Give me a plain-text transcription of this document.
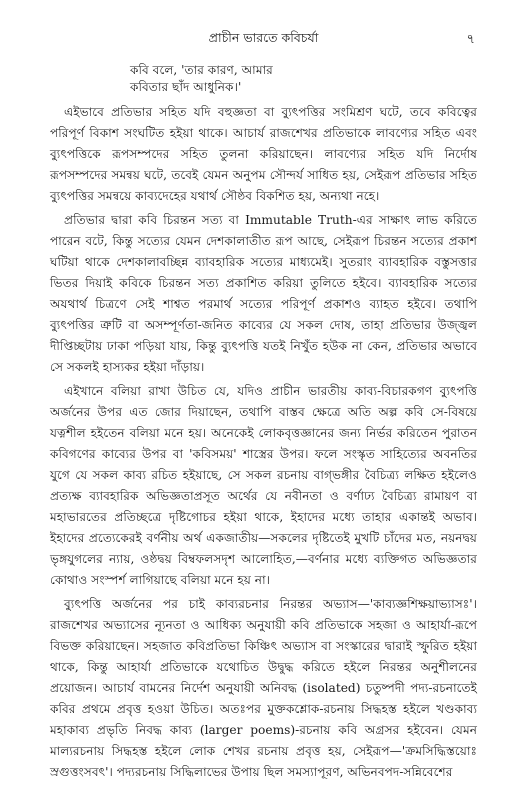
প্রাচীন ভারতে কবিচর্যা	৭
কবি বলে, 'তার কারণ, আমার
কবিতার ছাঁদ আধুনিক।'

এইভাবে প্রতিভার সহিত যদি বহুজ্ঞতা বা ব্যুৎপত্তির সংমিশ্রণ ঘটে, তবে কবিত্বের পরিপূর্ণ বিকাশ সংঘটিত হইয়া থাকে। আচার্য রাজশেখর প্রতিভাকে লাবণ্যের সহিত এবং ব্যুৎপত্তিকে রূপসম্পদের সহিত তুলনা করিয়াছেন। লাবণ্যের সহিত যদি নির্দোষ রূপসম্পদের সমন্বয় ঘটে, তবেই যেমন অনুপম সৌন্দর্য সাধিত হয়, সেইরূপ প্রতিভার সহিত ব্যুৎপত্তির সমন্বয়ে কাব্যদেহের যথার্থ সৌষ্ঠব বিকশিত হয়, অন্যথা নহে।

প্রতিভার দ্বারা কবি চিরন্তন সত্য বা Immutable Truth-এর সাক্ষাৎ লাভ করিতে পারেন বটে, কিন্তু সত্যের যেমন দেশকালাতীত রূপ আছে, সেইরূপ চিরন্তন সত্যের প্রকাশ ঘটিয়া থাকে দেশকালাবচ্ছিন্ন ব্যাবহারিক সত্যের মাধ্যমেই। সুতরাং ব্যাবহারিক বস্তুসত্তার ভিতর দিয়াই কবিকে চিরন্তন সত্য প্রকাশিত করিয়া তুলিতে হইবে। ব্যাবহারিক সত্যের অযথার্থ চিত্রণে সেই শাশ্বত পরমার্থ সত্যের পরিপূর্ণ প্রকাশও ব্যাহত হইবে। তথাপি ব্যুৎপত্তির ত্রুটি বা অসম্পূর্ণতা-জনিত কাব্যের যে সকল দোষ, তাহা প্রতিভার উজ্জ্বল দীপ্তিচ্ছটায় ঢাকা পড়িয়া যায়, কিন্তু ব্যুৎপত্তি যতই নিখুঁত হউক না কেন, প্রতিভার অভাবে সে সকলই হাস্যকর হইয়া দাঁড়ায়।

এইখানে বলিয়া রাখা উচিত যে, যদিও প্রাচীন ভারতীয় কাব্য-বিচারকগণ ব্যুৎপত্তি অর্জনের উপর এত জোর দিয়াছেন, তথাপি বাস্তব ক্ষেত্রে অতি অল্প কবি সে-বিষয়ে যত্নশীল হইতেন বলিয়া মনে হয়। অনেকেই লোকবৃত্তজ্ঞানের জন্য নির্ভর করিতেন পুরাতন কবিগণের কাব্যের উপর বা 'কবিসময়' শাস্ত্রের উপর। ফলে সংস্কৃত সাহিত্যের অবনতির যুগে যে সকল কাব্য রচিত হইয়াছে, সে সকল রচনায় বাগ্ভঙ্গীর বৈচিত্র্য লক্ষিত হইলেও প্রত্যক্ষ ব্যাবহারিক অভিজ্ঞতাপ্রসূত অর্থের যে নবীনতা ও বর্ণাঢ্য বৈচিত্র্য রামায়ণ বা মহাভারতের প্রতিচ্ছত্রে দৃষ্টিগোচর হইয়া থাকে, ইহাদের মধ্যে তাহার একান্তই অভাব। ইহাদের প্রত্যেকেরই বর্ণনীয় অর্থ একজাতীয়—সকলের দৃষ্টিতেই মুখটি চাঁদের মত, নয়নদ্বয় ভৃঙ্গযুগলের ন্যায়, ওষ্ঠদ্বয় বিম্বফলসদৃশ আলোহিত,—বর্ণনার মধ্যে ব্যক্তিগত অভিজ্ঞতার কোথাও সংস্পর্শ লাগিয়াছে বলিয়া মনে হয় না।

ব্যুৎপত্তি অর্জনের পর চাই কাব্যরচনার নিরন্তর অভ্যাস—'কাব্যজ্ঞশিক্ষয়াভ্যাসঃ'। রাজশেখর অভ্যাসের ন্যূনতা ও আধিক্য অনুযায়ী কবি প্রতিভাকে সহজা ও আহার্যা-রূপে বিভক্ত করিয়াছেন। সহজাত কবিপ্রতিভা কিঞ্চিৎ অভ্যাস বা সংস্কারের দ্বারাই স্ফুরিত হইয়া থাকে, কিন্তু আহার্যা প্রতিভাকে যথোচিত উদ্বুদ্ধ করিতে হইলে নিরন্তর অনুশীলনের প্রয়োজন। আচার্য বামনের নির্দেশ অনুযায়ী অনিবদ্ধ (isolated) চতুষ্পদী পদ্য-রচনাতেই কবির প্রথমে প্রবৃত্ত হওয়া উচিত। অতঃপর মুক্তকশ্লোক-রচনায় সিদ্ধহস্ত হইলে খণ্ডকাব্য মহাকাব্য প্রভৃতি নিবদ্ধ কাব্য (larger poems)-রচনায় কবি অগ্রসর হইবেন। যেমন মাল্যরচনায় সিদ্ধহস্ত হইলে লোক শেখর রচনায় প্রবৃত্ত হয়, সেইরূপ—'ক্রমসিদ্ধিস্তয়োঃ স্রগুত্তংসবৎ'। পদ্যরচনায় সিদ্ধিলাভের উপায় ছিল সমস্যাপূরণ, অভিনবপদ-সন্নিবেশের
